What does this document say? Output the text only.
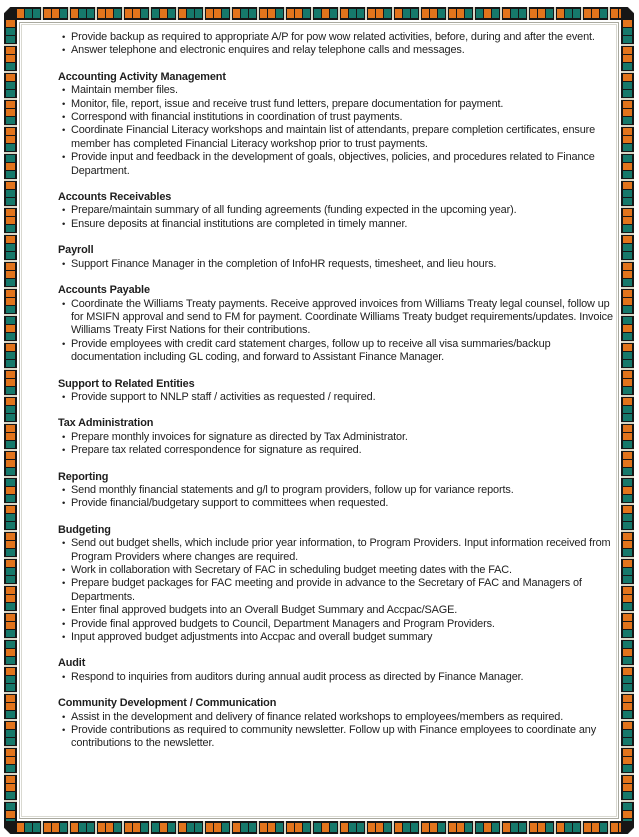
• Provide backup as required to appropriate A/P for pow wow related activities, before, during and after the event.
• Answer telephone and electronic enquires and relay telephone calls and messages.
Accounting Activity Management
• Maintain member files.
• Monitor, file, report, issue and receive trust fund letters, prepare documentation for payment.
• Correspond with financial institutions in coordination of trust payments.
• Coordinate Financial Literacy workshops and maintain list of attendants, prepare completion certificates, ensure member has completed Financial Literacy workshop prior to trust payments.
• Provide input and feedback in the development of goals, objectives, policies, and procedures related to Finance Department.
Accounts Receivables
• Prepare/maintain summary of all funding agreements (funding expected in the upcoming year).
• Ensure deposits at financial institutions are completed in timely manner.
Payroll
• Support Finance Manager in the completion of InfoHR requests, timesheet, and lieu hours.
Accounts Payable
• Coordinate the Williams Treaty payments. Receive approved invoices from Williams Treaty legal counsel, follow up for MSIFN approval and send to FM for payment. Coordinate Williams Treaty budget requirements/updates. Invoice Williams Treaty First Nations for their contributions.
• Provide employees with credit card statement charges, follow up to receive all visa summaries/backup documentation including GL coding, and forward to Assistant Finance Manager.
Support to Related Entities
• Provide support to NNLP staff / activities as requested / required.
Tax Administration
• Prepare monthly invoices for signature as directed by Tax Administrator.
• Prepare tax related correspondence for signature as required.
Reporting
• Send monthly financial statements and g/l to program providers, follow up for variance reports.
• Provide financial/budgetary support to committees when requested.
Budgeting
• Send out budget shells, which include prior year information, to Program Providers. Input information received from Program Providers where changes are required.
• Work in collaboration with Secretary of FAC in scheduling budget meeting dates with the FAC.
• Prepare budget packages for FAC meeting and provide in advance to the Secretary of FAC and Managers of Departments.
• Enter final approved budgets into an Overall Budget Summary and Accpac/SAGE.
• Provide final approved budgets to Council, Department Managers and Program Providers.
• Input approved budget adjustments into Accpac and overall budget summary
Audit
• Respond to inquiries from auditors during annual audit process as directed by Finance Manager.
Community Development / Communication
• Assist in the development and delivery of finance related workshops to employees/members as required.
• Provide contributions as required to community newsletter. Follow up with Finance employees to coordinate any contributions to the newsletter.
